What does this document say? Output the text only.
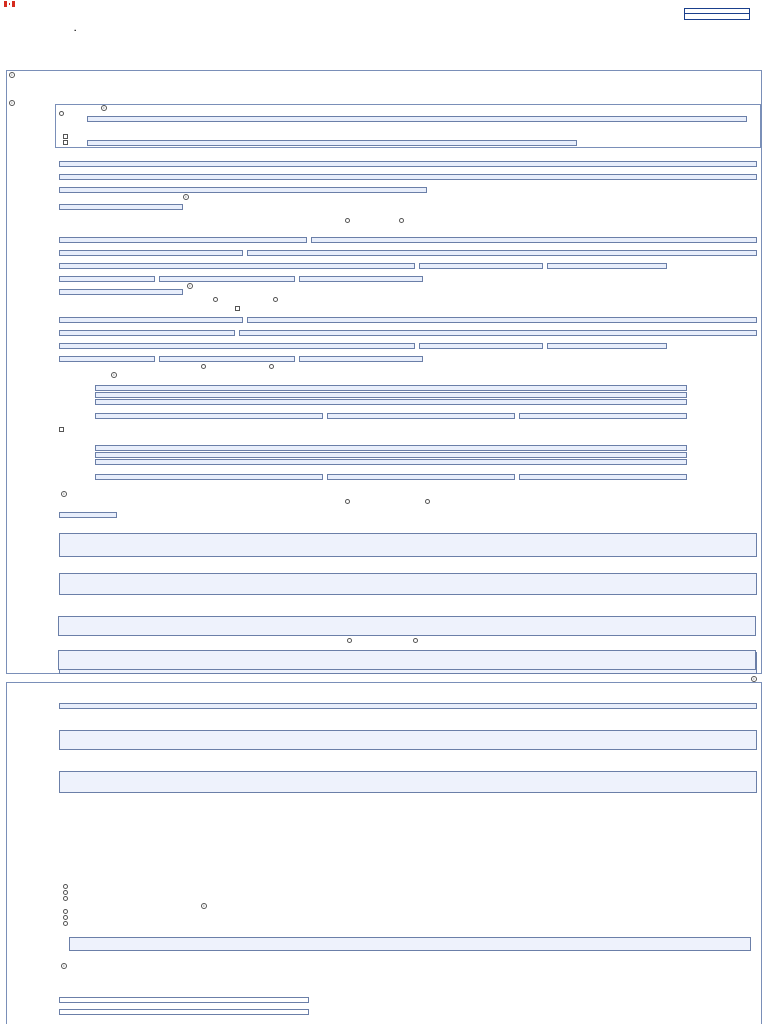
.
i
i
i
i
i
i
i
i
i
i
